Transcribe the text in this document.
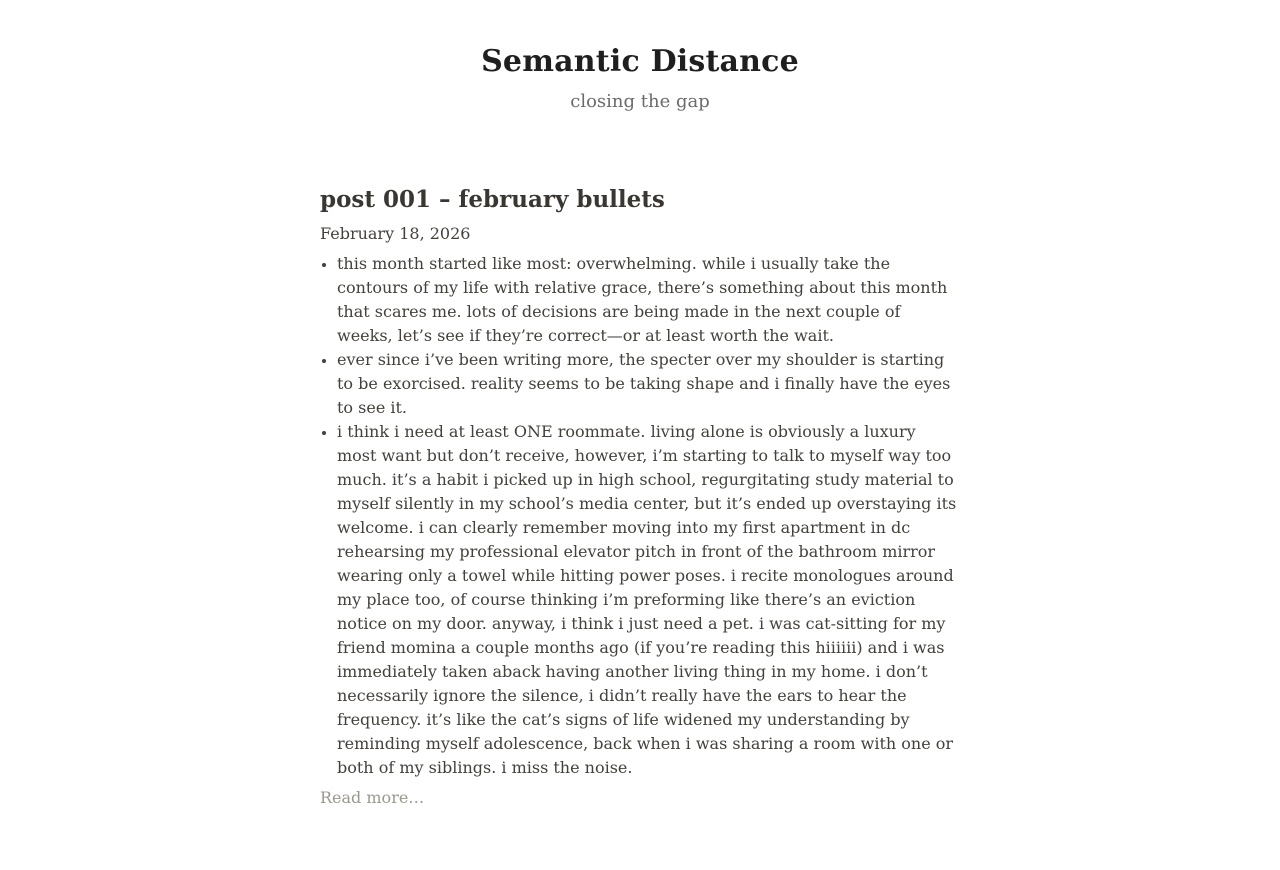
Semantic Distance

closing the gap

post 001 – february bullets
February 18, 2026
• this month started like most: overwhelming. while i usually take the contours of my life with relative grace, there’s something about this month that scares me. lots of decisions are being made in the next couple of weeks, let’s see if they’re correct—or at least worth the wait.
• ever since i’ve been writing more, the specter over my shoulder is starting to be exorcised. reality seems to be taking shape and i finally have the eyes to see it.
• i think i need at least ONE roommate. living alone is obviously a luxury most want but don’t receive, however, i’m starting to talk to myself way too much. it’s a habit i picked up in high school, regurgitating study material to myself silently in my school’s media center, but it’s ended up overstaying its welcome. i can clearly remember moving into my first apartment in dc rehearsing my professional elevator pitch in front of the bathroom mirror wearing only a towel while hitting power poses. i recite monologues around my place too, of course thinking i’m preforming like there’s an eviction notice on my door. anyway, i think i just need a pet. i was cat-sitting for my friend momina a couple months ago (if you’re reading this hiiiiii) and i was immediately taken aback having another living thing in my home. i don’t necessarily ignore the silence, i didn’t really have the ears to hear the frequency. it’s like the cat’s signs of life widened my understanding by reminding myself adolescence, back when i was sharing a room with one or both of my siblings. i miss the noise.
Read more…
